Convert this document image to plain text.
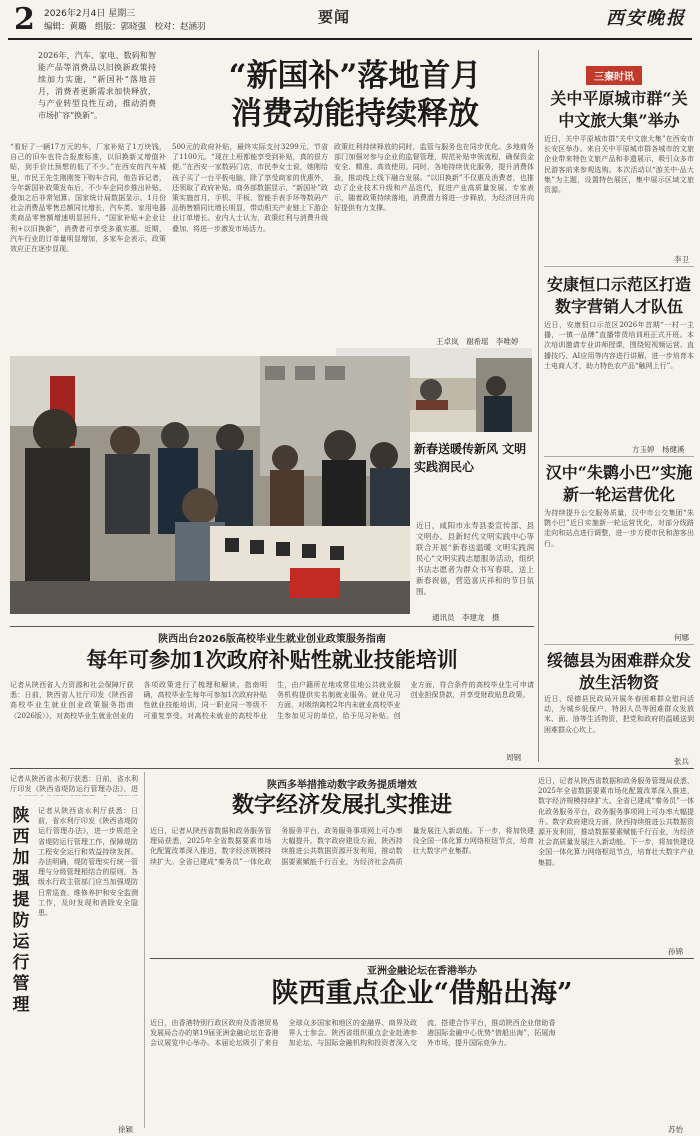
2 2026年2月4日 星期三
编辑：黄璐　组版：郭晓强　校对：赵涵羽
要闻	西安晚报
2026年，汽车、家电、数码和智能产品等消费品以旧换新政策持续加力实施，“新国补”落地首月，消费者更新需求加快释放，与产业转型良性互动，推动消费市场扩容“换新”。
“新国补”落地首月
消费动能持续释放
“看好了一辆17万元的车，厂家补贴了1万块钱，自己的旧车也符合报废标准，以旧换新又增值补贴，到手价比预想的低了不少。”在西安的汽车城里，市民王先生刚刚签下购车合同，他告诉记者，今年新国补政策发布后，不少车企同步推出补贴，叠加之后非常划算。国家统计局数据显示，1月份社会消费品零售总额同比增长，汽车类、家用电器类商品零售额增速明显回升。“国家补贴+企业让利+以旧换新”，消费者可享受多重实惠。近期，汽车行业的订单量明显增加，多家车企表示，政策效应正在逐步显现。
500元的政府补贴，最终实际支付3299元，节省了1100元。“现在上班都能享受到补贴，真的很方便。”在西安一家数码门店，市民李女士说，她刚给孩子买了一台平板电脑，除了享受商家的优惠外，还领取了政府补贴。商务部数据显示，“新国补”政策实施首月，手机、平板、智能手表手环等数码产品销售额同比增长明显，带动相关产业链上下游企业订单增长。业内人士认为，政策红利与消费升级叠加，将进一步激发市场活力。
政策红利持续释放的同时，监管与服务也在同步优化。多地商务部门加强对参与企业的监督管理，规范补贴申领流程，确保资金安全、精准、高效使用。同时，各地持续优化服务，提升消费体验，推动线上线下融合发展。“以旧换新”不仅惠及消费者，也推动了企业技术升级和产品迭代，促进产业高质量发展。专家表示，随着政策持续落地，消费潜力将进一步释放，为经济回升向好提供有力支撑。
王卓岚　谢希瑶　李唯婷
新春送暖传新风 文明实践润民心
近日，咸阳市永寿县委宣传部、县文明办、县新时代文明实践中心等联合开展“新春送温暖 文明实践润民心”文明实践志愿服务活动，组织书法志愿者为群众书写春联，送上新春祝福，营造喜庆祥和的节日氛围。
通讯员　李建龙　摄
陕西出台2026版高校毕业生就业创业政策服务指南
每年可参加1次政府补贴性就业技能培训
记者从陕西省人力资源和社会保障厅获悉：日前，陕西省人社厅印发《陕西省高校毕业生就业创业政策服务指南（2026版）》，对高校毕业生就业创业的各项政策进行了梳理和解读。指南明确，高校毕业生每年可参加1次政府补贴性就业技能培训，同一职业同一等级不可重复享受。对离校未就业的高校毕业生，由户籍所在地或常住地公共就业服务机构提供实名制就业服务。就业见习方面，对吸纳离校2年内未就业高校毕业生参加见习的单位，给予见习补贴。创业方面，符合条件的高校毕业生可申请创业担保贷款，并享受财政贴息政策。
周钢
记者从陕西省水利厅获悉：日前，省水利厅印发《陕西省堤防运行管理办法》，进
陕西加强提防运行管理
记者从陕西省水利厅获悉：日前，省水利厅印发《陕西省堤防运行管理办法》，进一步规范全省堤防运行管理工作，保障堤防工程安全运行和效益持续发挥。办法明确，堤防管理实行统一管理与分级管理相结合的原则，各级水行政主管部门应当加强堤防日常巡查、维修养护和安全监测工作，及时发现和消除安全隐患。
徐颖
陕西多举措推动数字政务提质增效
数字经济发展扎实推进
近日，记者从陕西省数据和政务服务管理局获悉，2025年全省数据要素市场化配置改革深入推进，数字经济规模持续扩大。全省已建成“秦务员”一体化政务服务平台，政务服务事项网上可办率大幅提升。数字政府建设方面，陕西持续推进公共数据资源开发利用，推动数据要素赋能千行百业，为经济社会高质量发展注入新动能。下一步，将加快建设全国一体化算力网络枢纽节点，培育壮大数字产业集群。
近日，记者从陕西省数据和政务服务管理局获悉，2025年全省数据要素市场化配置改革深入推进，数字经济规模持续扩大。全省已建成“秦务员”一体化政务服务平台，政务服务事项网上可办率大幅提升。数字政府建设方面，陕西持续推进公共数据资源开发利用，推动数据要素赋能千行百业，为经济社会高质量发展注入新动能。下一步，将加快建设全国一体化算力网络枢纽节点，培育壮大数字产业集群。
孙锦
亚洲金融论坛在香港举办
陕西重点企业“借船出海”
近日，由香港特别行政区政府及香港贸易发展局合办的第19届亚洲金融论坛在香港会议展览中心举办。本届论坛吸引了来自全球众多国家和地区的金融界、商界及政界人士参会。陕西省组织重点企业赴港参加论坛，与国际金融机构和投资者深入交流，搭建合作平台，推动陕西企业借助香港国际金融中心优势“借船出海”，拓展海外市场，提升国际竞争力。
苏怡
三秦时讯
关中平原城市群“关中文旅大集”举办
近日，关中平原城市群“关中文旅大集”在西安市长安区举办。来自关中平原城市群各城市的文旅企业带来特色文旅产品和非遗展示，吸引众多市民游客前来参观选购。本次活动以“游关中·品大集”为主题，设置特色展区，集中展示区域文旅资源。
李卫
安康恒口示范区打造数字营销人才队伍
近日，安康恒口示范区2026年首期“一村一主播，一镇一品牌”直播带货培训班正式开班。本次培训邀请专业讲师授课，围绕短视频运营、直播技巧、AI应用等内容进行讲解，进一步培育本土电商人才，助力特色农产品“触网上行”。
方玉婷　杨健溪
汉中“朱鹮小巴”实施新一轮运营优化
为持续提升公交服务质量，汉中市公交集团“朱鹮小巴”近日实施新一轮运营优化，对部分线路走向和站点进行调整，进一步方便市民和游客出行。
何娜
绥德县为困难群众发放生活物资
近日，绥德县民政局开展冬春困难群众慰问活动，为城乡低保户、特困人员等困难群众发放米、面、油等生活物资，把党和政府的温暖送到困难群众心坎上。
张兵
